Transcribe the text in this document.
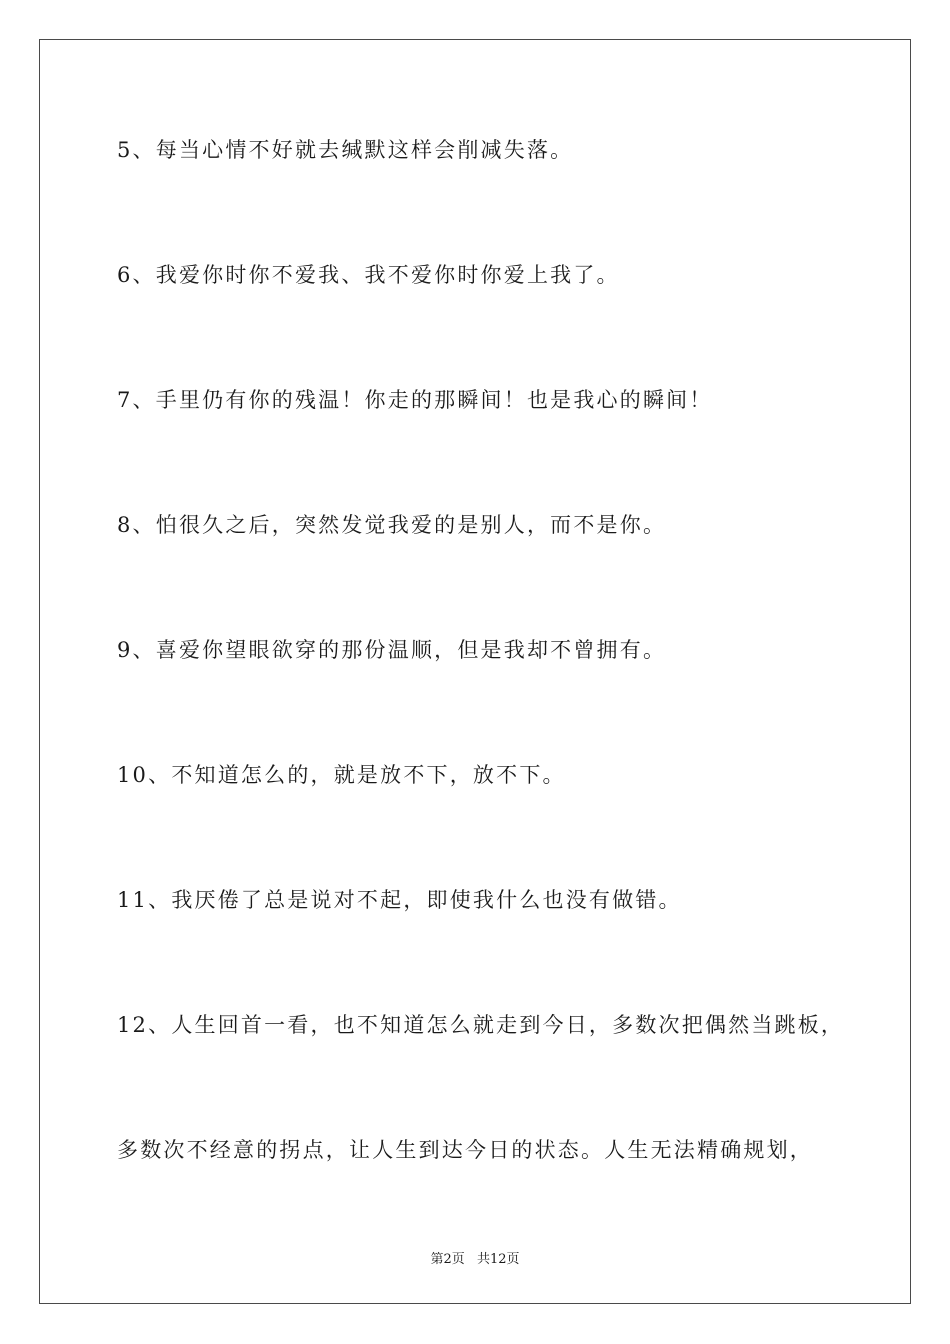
5、每当心情不好就去缄默这样会削减失落。
6、我爱你时你不爱我、我不爱你时你爱上我了。
7、手里仍有你的残温！你走的那瞬间！也是我心的瞬间！
8、怕很久之后，突然发觉我爱的是别人，而不是你。
9、喜爱你望眼欲穿的那份温顺，但是我却不曾拥有。
10、不知道怎么的，就是放不下，放不下。
11、我厌倦了总是说对不起，即使我什么也没有做错。
12、人生回首一看，也不知道怎么就走到今日，多数次把偶然当跳板，
多数次不经意的拐点，让人生到达今日的状态。人生无法精确规划，
第2页 共12页
